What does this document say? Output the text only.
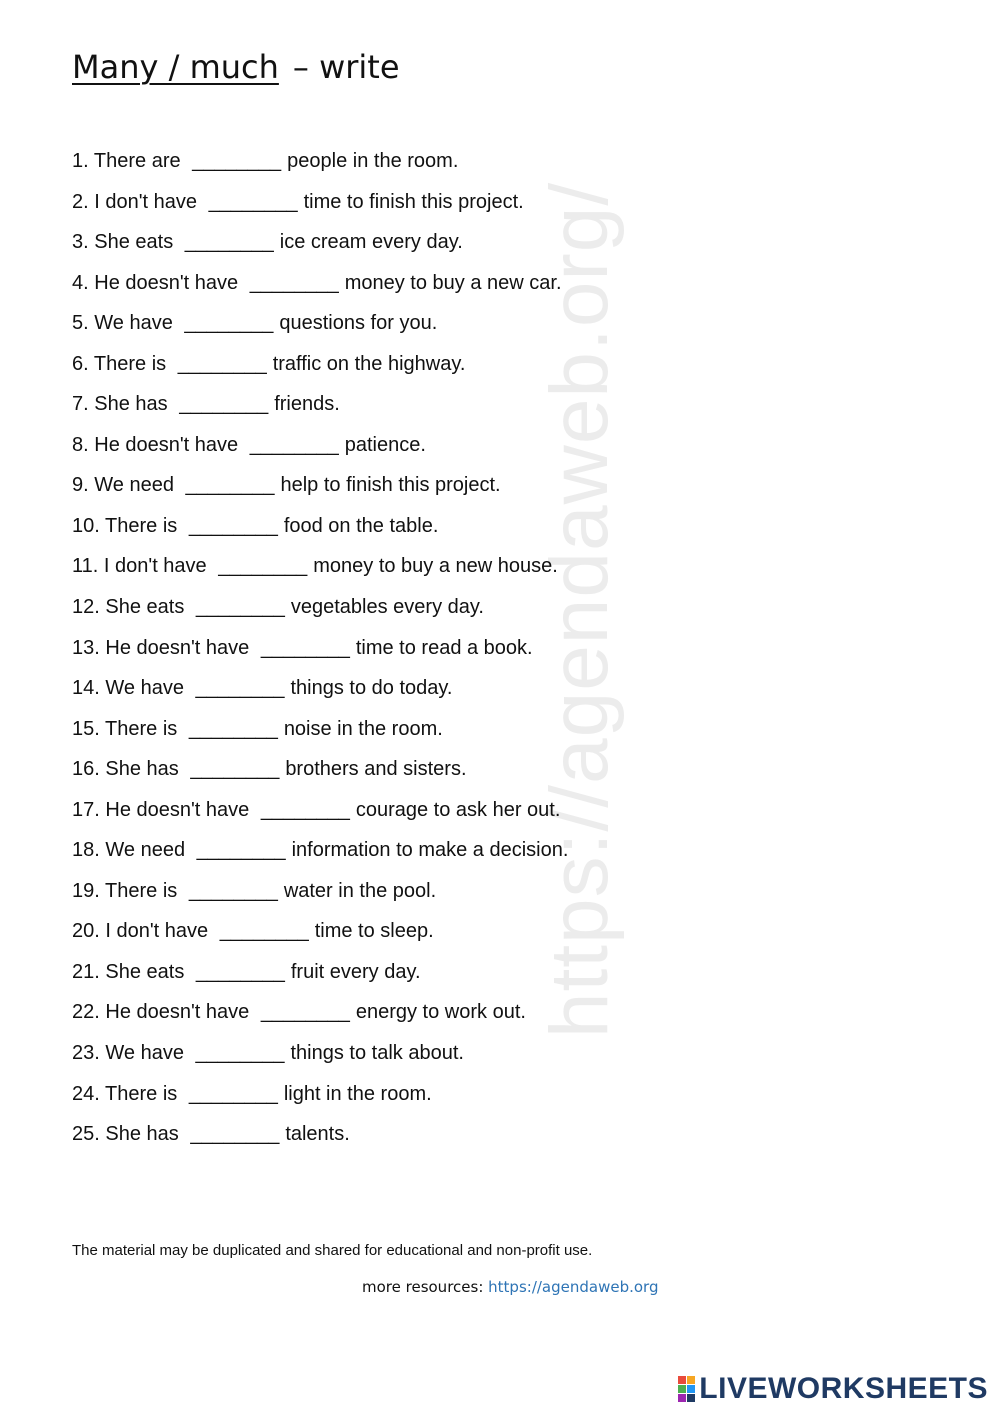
https://agendaweb.org/
Many / much – write
1. There are ________ people in the room.
2. I don't have ________ time to finish this project.
3. She eats ________ ice cream every day.
4. He doesn't have ________ money to buy a new car.
5. We have ________ questions for you.
6. There is ________ traffic on the highway.
7. She has ________ friends.
8. He doesn't have ________ patience.
9. We need ________ help to finish this project.
10. There is ________ food on the table.
11. I don't have ________ money to buy a new house.
12. She eats ________ vegetables every day.
13. He doesn't have ________ time to read a book.
14. We have ________ things to do today.
15. There is ________ noise in the room.
16. She has ________ brothers and sisters.
17. He doesn't have ________ courage to ask her out.
18. We need ________ information to make a decision.
19. There is ________ water in the pool.
20. I don't have ________ time to sleep.
21. She eats ________ fruit every day.
22. He doesn't have ________ energy to work out.
23. We have ________ things to talk about.
24. There is ________ light in the room.
25. She has ________ talents.
The material may be duplicated and shared for educational and non-profit use.
more resources: https://agendaweb.org
LIVEWORKSHEETS
